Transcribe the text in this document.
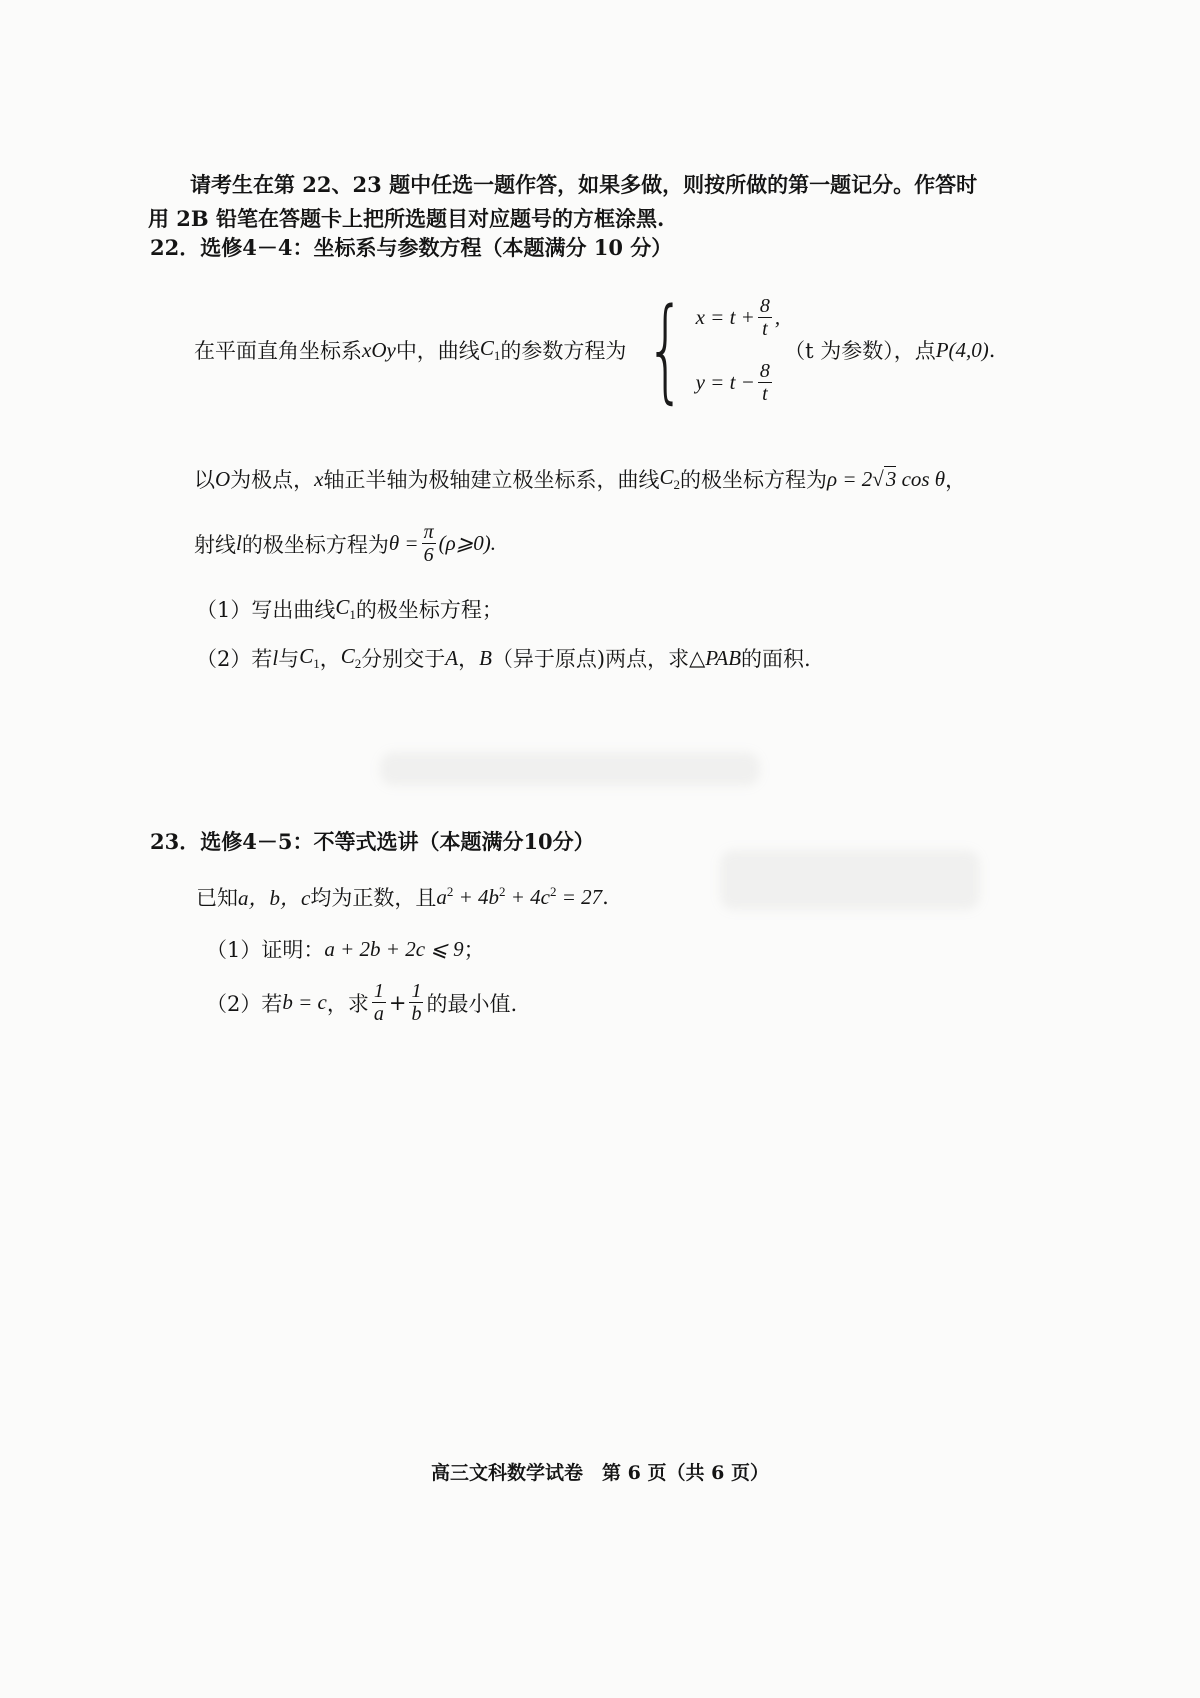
请考生在第 22、23 题中任选一题作答，如果多做，则按所做的第一题记分。作答时
用 2B 铅笔在答题卡上把所选题目对应题号的方框涂黑.
22．选修4－4：坐标系与参数方程（本题满分 10 分）
在平面直角坐标系 xOy 中，曲线 $C_1$ 的参数方程为 { $x = t + \frac{8}{t}$ ,
$y = t - \frac{8}{t}$
（t 为参数），点 P(4,0) .
以 O 为极点， x 轴正半轴为极轴建立极坐标系，曲线 $C_2$ 的极坐标方程为 ρ = 2√3 cos θ ，
射线 l 的极坐标方程为 $\theta = \frac{\pi}{6}$ (ρ⩾0).
（1）写出曲线 $C_1$ 的极坐标方程；
（2）若 l 与 $C_1$ ， $C_2$ 分别交于 A ， B （异于原点)两点，求 △PAB 的面积.
23．选修4－5：不等式选讲（本题满分10分）
已知 a，b，c 均为正数，且 $a^2 + 4b^2 + 4c^2 = 27$ .
（1）证明： a + 2b + 2c ⩽ 9 ；
（2）若 b = c ，求 $\frac{1}{a} + \frac{1}{b}$ 的最小值.
高三文科数学试卷　第 6 页（共 6 页）
